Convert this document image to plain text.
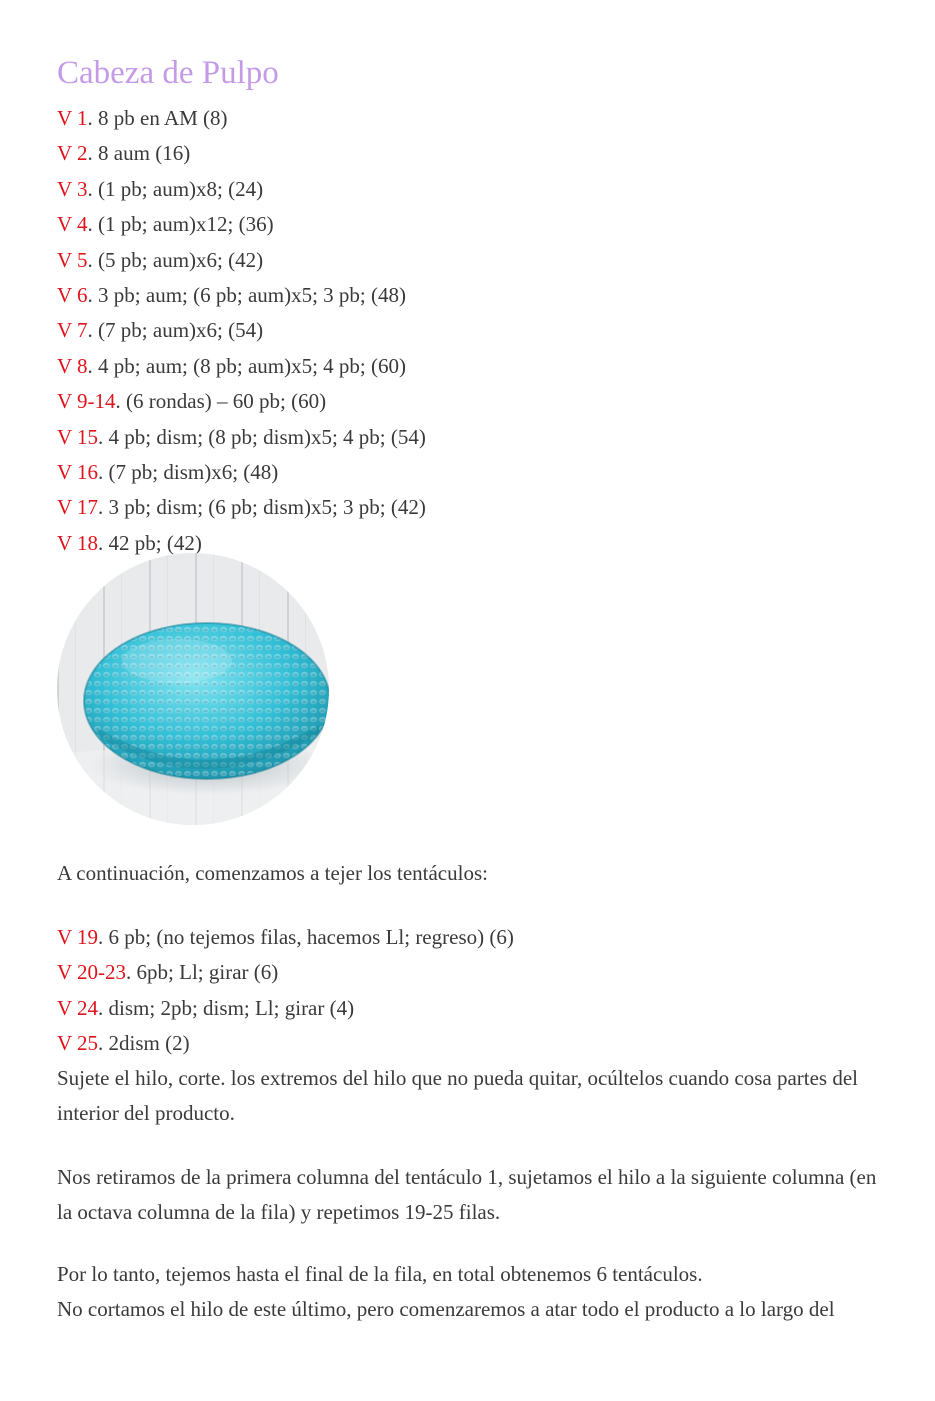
Cabeza de Pulpo
V 1. 8 pb en AM (8)
V 2. 8 aum (16)
V 3. (1 pb; aum)x8; (24)
V 4. (1 pb; aum)x12; (36)
V 5. (5 pb; aum)x6; (42)
V 6. 3 pb; aum; (6 pb; aum)x5; 3 pb; (48)
V 7. (7 pb; aum)x6; (54)
V 8. 4 pb; aum; (8 pb; aum)x5; 4 pb; (60)
V 9-14. (6 rondas) – 60 pb; (60)
V 15. 4 pb; dism; (8 pb; dism)x5; 4 pb; (54)
V 16. (7 pb; dism)x6; (48)
V 17. 3 pb; dism; (6 pb; dism)x5; 3 pb; (42)
V 18. 42 pb; (42)

A continuación, comenzamos a tejer los tentáculos:

V 19. 6 pb; (no tejemos filas, hacemos Ll; regreso) (6)
V 20-23. 6pb; Ll; girar (6)
V 24. dism; 2pb; dism; Ll; girar (4)
V 25. 2dism (2)

Sujete el hilo, corte. los extremos del hilo que no pueda quitar, ocúltelos cuando cosa partes del interior del producto.

Nos retiramos de la primera columna del tentáculo 1, sujetamos el hilo a la siguiente columna (en la octava columna de la fila) y repetimos 19-25 filas.

Por lo tanto, tejemos hasta el final de la fila, en total obtenemos 6 tentáculos.

No cortamos el hilo de este último, pero comenzaremos a atar todo el producto a lo largo del
